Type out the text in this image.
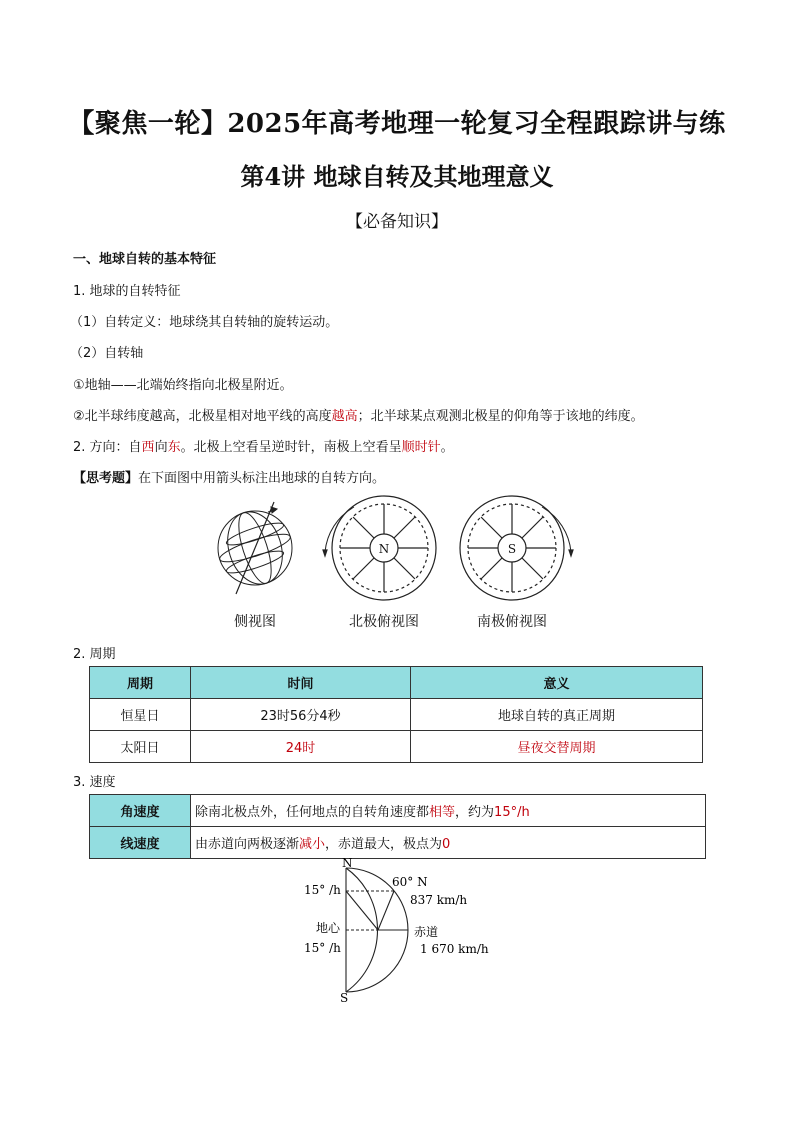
【聚焦一轮】2025年高考地理一轮复习全程跟踪讲与练
第4讲 地球自转及其地理意义
【必备知识】
一、地球自转的基本特征
1. 地球的自转特征
（1）自转定义：地球绕其自转轴的旋转运动。
（2）自转轴
①地轴——北端始终指向北极星附近。
②北半球纬度越高，北极星相对地平线的高度越高；北半球某点观测北极星的仰角等于该地的纬度。
2. 方向：自西向东。北极上空看呈逆时针，南极上空看呈顺时针。
【思考题】在下面图中用箭头标注出地球的自转方向。
N	S
侧视图	北极俯视图	南极俯视图
2. 周期
周期	时间	意义
恒星日	23时56分4秒	地球自转的真正周期
太阳日	24时	昼夜交替周期
3. 速度
角速度	除南北极点外，任何地点的自转角速度都相等，约为15°/h
线速度	由赤道向两极逐渐减小，赤道最大，极点为0
N
S
15° /h
60° N
837 km/h
地心
15° /h
赤道
1 670 km/h
